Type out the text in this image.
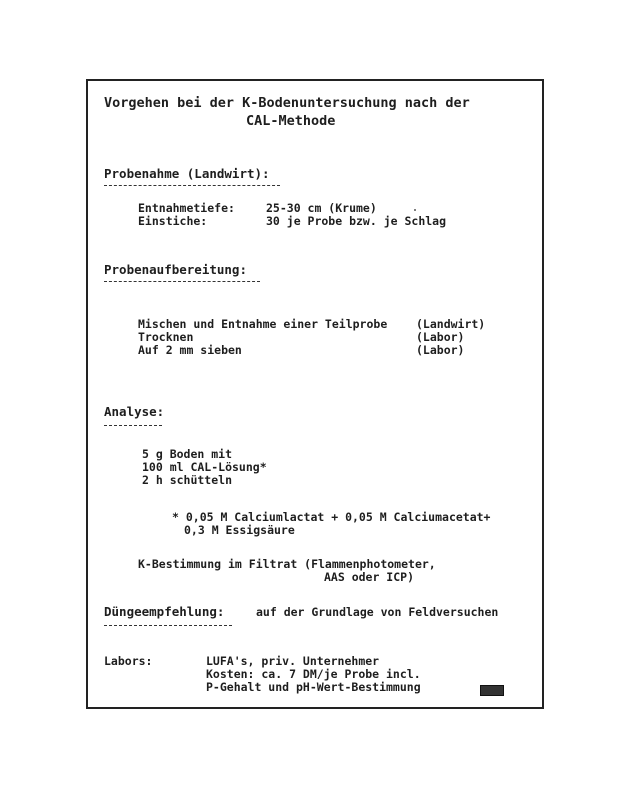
Vorgehen bei der K-Bodenuntersuchung nach der
CAL-Methode
Probenahme (Landwirt):
Entnahmetiefe:	25-30 cm (Krume)
Einstiche:	30 je Probe bzw. je Schlag
Probenaufbereitung:
Mischen und Entnahme einer Teilprobe	(Landwirt)
Trocknen	(Labor)
Auf 2 mm sieben	(Labor)
Analyse:
5 g Boden mit
100 ml CAL-Lösung*
2 h schütteln
* 0,05 M Calciumlactat + 0,05 M Calciumacetat+
0,3 M Essigsäure
K-Bestimmung im Filtrat (Flammenphotometer,
AAS oder ICP)
Düngeempfehlung:	auf der Grundlage von Feldversuchen
Labors:	LUFA's, priv. Unternehmer
Kosten: ca. 7 DM/je Probe incl.
P-Gehalt und pH-Wert-Bestimmung
